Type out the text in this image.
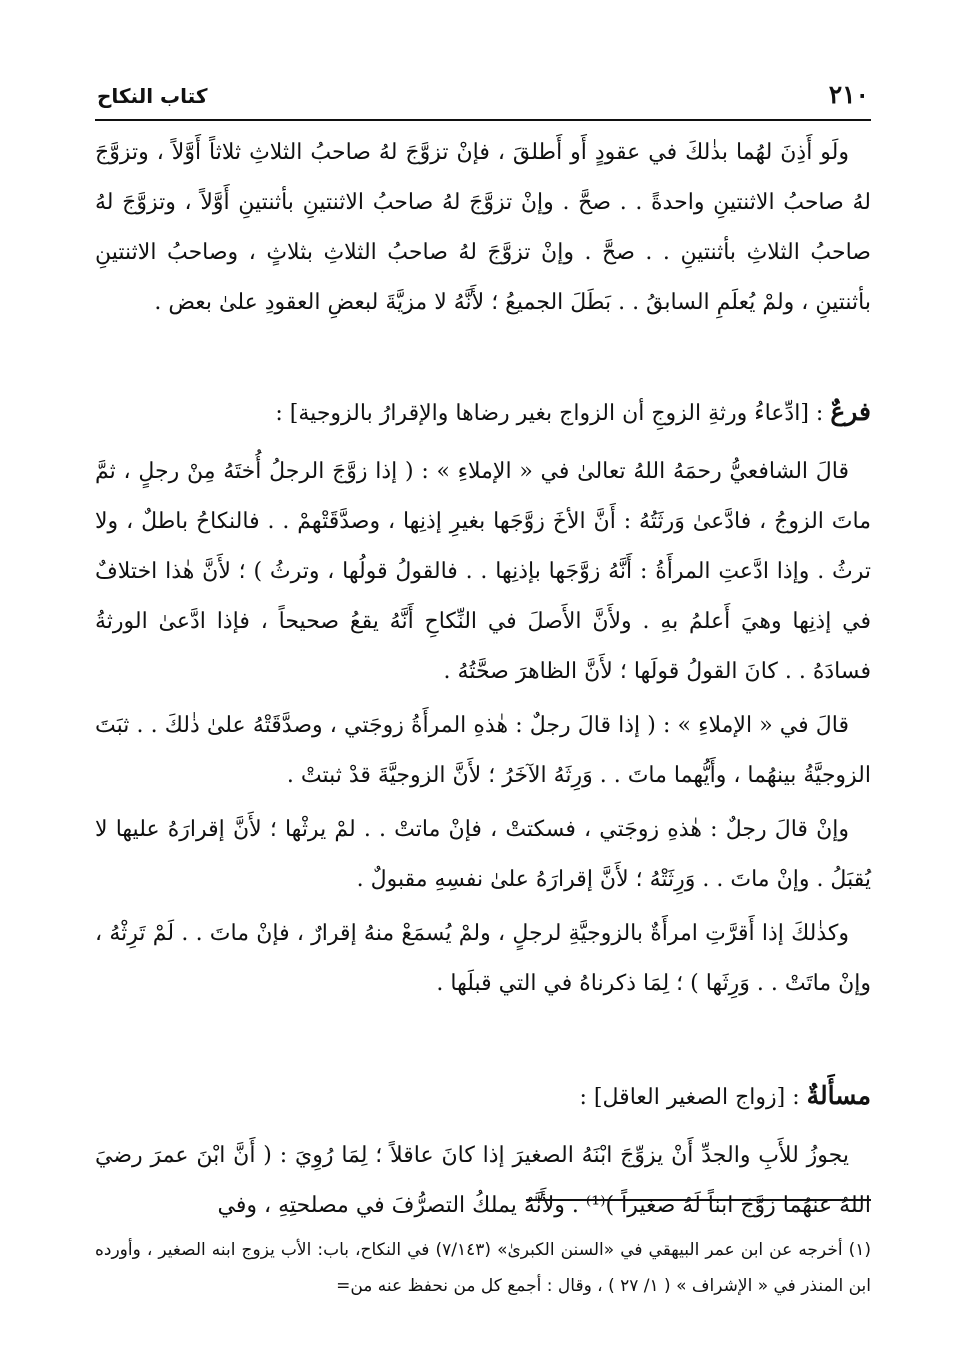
٢١٠
كتاب النكاح

ولَو أَذِنَ لهُما بذٰلكَ في عقودٍ أَو أَطلقَ ، فإنْ تزوَّجَ لهُ صاحبُ الثلاثِ ثلاثاً أَوَّلاً ، وتزوَّجَ لهُ صاحبُ الاثنتينِ واحدةً . . صحَّ . وإنْ تزوَّجَ لهُ صاحبُ الاثنتينِ بأثنتينِ أَوَّلاً ، وتزوَّجَ لهُ صاحبُ الثلاثِ بأثنتينِ . . صحَّ . وإنْ تزوَّجَ لهُ صاحبُ الثلاثِ بثلاثٍ ، وصاحبُ الاثنتينِ بأثنتينِ ، ولمْ يُعلَمِ السابقُ . . بَطَلَ الجميعُ ؛ لأَنَّهُ لا مزيَّةَ لبعضِ العقودِ علىٰ بعض .

فرعٌ : [ادِّعاءُ ورثةِ الزوجِ أن الزواج بغير رضاها والإقرارُ بالزوجية] :

قالَ الشافعيُّ رحمَهُ اللهُ تعالىٰ في « الإملاءِ » : ( إذا زوَّجَ الرجلُ أُختَهُ مِنْ رجلٍ ، ثمَّ ماتَ الزوجُ ، فادَّعىٰ وَرثَتُهُ : أَنَّ الأخَ زوَّجَها بغيرِ إذنِها ، وصدَّقَتْهمْ . . فالنكاحُ باطلٌ ، ولا ترثُ . وإذا ادَّعتِ المرأَةُ : أَنَّهُ زوَّجَها بإذنِها . . فالقولُ قولُها ، وترثُ ) ؛ لأَنَّ هٰذا اختلافٌ في إذنِها وهيَ أَعلمُ بهِ . ولأَنَّ الأَصلَ في النِّكاحِ أَنَّهُ يقعُ صحيحاً ، فإذا ادَّعىٰ الورثةُ فسادَهُ . . كانَ القولُ قولَها ؛ لأَنَّ الظاهرَ صحَّتُهُ .

قالَ في « الإملاءِ » : ( إذا قالَ رجلٌ : هٰذهِ المرأَةُ زوجَتي ، وصدَّقَتْهُ علىٰ ذٰلكَ . . ثبَتَ الزوجيَّةُ بينهُما ، وأَيُّهما ماتَ . . وَرِثَهُ الآخَرُ ؛ لأَنَّ الزوجيَّةَ قدْ ثبتتْ .

وإنْ قالَ رجلٌ : هٰذهِ زوجَتي ، فسكتتْ ، فإنْ ماتتْ . . لمْ يرثْها ؛ لأَنَّ إقرارَهُ عليها لا يُقبَلُ . وإنْ ماتَ . . وَرِثَتْهُ ؛ لأَنَّ إقرارَهُ علىٰ نفسِهِ مقبولٌ .

وكذٰلكَ إذا أَقرَّتِ امرأَةٌ بالزوجيَّةِ لرجلٍ ، ولمْ يُسمَعْ منهُ إقرارٌ ، فإنْ ماتَ . . لَمْ تَرِثْهُ ، وإنْ ماتَتْ . . وَرِثَها ) ؛ لِمَا ذكرناهُ في التي قبلَها .

مسأَلةٌ : [زواج الصغير العاقل] :

يجوزُ للأَبِ والجدِّ أَنْ يزوِّجَ ابْنَهُ الصغيرَ إذا كانَ عاقلاً ؛ لِمَا رُوِيَ : ( أَنَّ ابْنَ عمرَ رضيَ اللهُ عنهُما زوَّجَ ابناً لَهُ صغيراً )⁽¹⁾ . ولأَنَّهُ يملكُ التصرُّفَ في مصلحتِهِ ، وفي

(١) أخرجه عن ابن عمر البيهقي في «السنن الكبرىٰ» (٧/١٤٣) في النكاح، باب: الأب يزوج ابنه الصغير ، وأورده ابن المنذر في « الإشراف » ( ١/ ٢٧ ) ، وقال : أجمع كل من نحفظ عنه من=
